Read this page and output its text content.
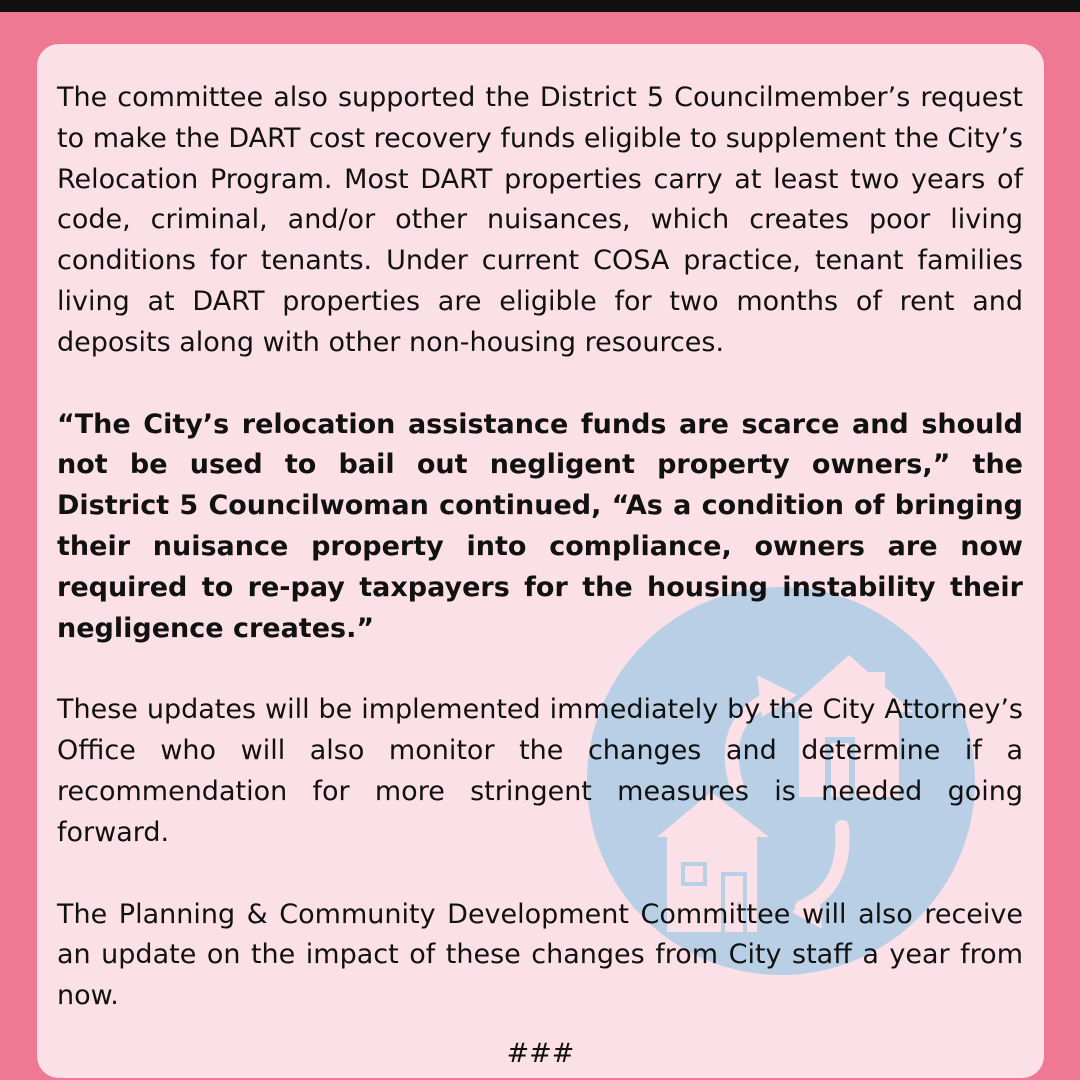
The committee also supported the District 5 Councilmember’s request to make the DART cost recovery funds eligible to supplement the City’s Relocation Program. Most DART properties carry at least two years of code, criminal, and/or other nuisances, which creates poor living conditions for tenants. Under current COSA practice, tenant families living at DART properties are eligible for two months of rent and deposits along with other non-housing resources.

“The City’s relocation assistance funds are scarce and should not be used to bail out negligent property owners,” the District 5 Councilwoman continued, “As a condition of bringing their nuisance property into compliance, owners are now required to re-pay taxpayers for the housing instability their negligence creates.”

These updates will be implemented immediately by the City Attorney’s Office who will also monitor the changes and determine if a recommendation for more stringent measures is needed going forward.

The Planning & Community Development Committee will also receive an update on the impact of these changes from City staff a year from now.

###
